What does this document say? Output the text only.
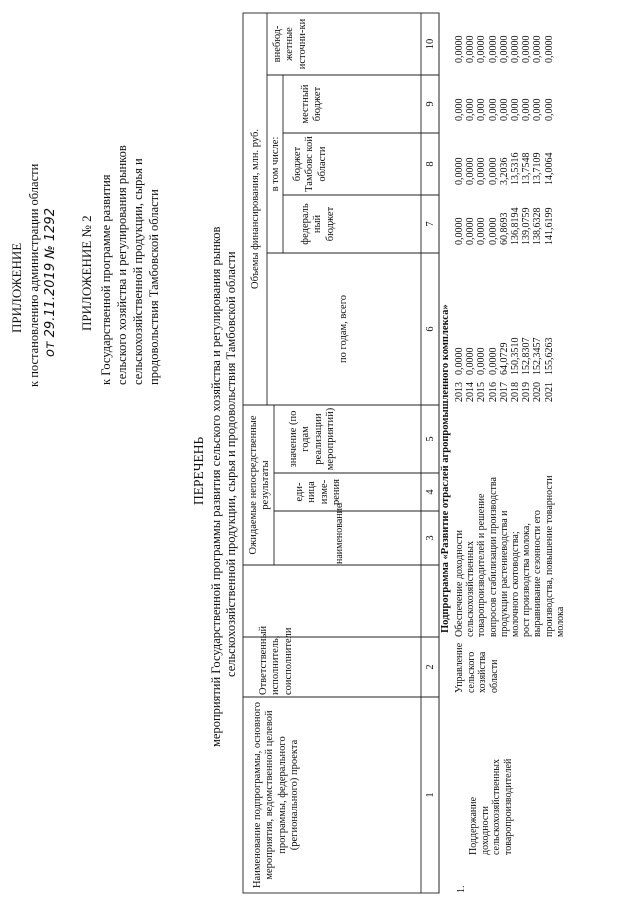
ПРИЛОЖЕНИЕ к постановлению администрации области от 29.11.2019 № 1292 ПРИЛОЖЕНИЕ № 2 к Государственной программе развития сельского хозяйства и регулирования рынков сельскохозяйственной продукции, сырья и продовольствия Тамбовской области
ПЕРЕЧЕНЬ мероприятий Государственной программы развития сельского хозяйства и регулирования рынков сельскохозяйственной продукции, сырья и продовольствия Тамбовской области
Наименование подпрограммы, основного мероприятия, ведомственной целевой программы, федерального (регионального) проекта
Ответственный исполнитель, соисполнители
Ожидаемые непосредственные результаты
наименование
еди-ница изме-рения
значение (по годам реализации мероприятий)
Объемы финансирования, млн. руб.
по годам, всего
в том числе:
федераль ный бюджет
бюджет Тамбовс кой области
местный бюджет
внебюд-жетные источни-ки
1
2
3
4
5
6
7
8
9
10
Подпрограмма «Развитие отраслей агропромышленного комплекса»
1.
Поддержание доходности сельскохозяйственных товаропроизводителей
Управление сельского хозяйства области
Обеспечение доходности сельскохозяйственных товаропроизводителей и решение вопросов стабилизации производства продукции растениеводства и молочного скотоводства; рост производства молока, выравнивание сезонности его производства, повышение товарности молока
2013 2014 2015 2016 2017 2018 2019 2020 2021
0,0000 0,0000 0,0000 0,0000 64,0729 150,3510 152,8307 152,3457 155,6263
0,0000 0,0000 0,0000 0,0000 60,8693 136,8194 139,0759 138,6328 141,6199
0,0000 0,0000 0,0000 0,0000 3,2036 13,5316 13,7548 13,7109 14,0064
0,000 0,000 0,000 0,000 0,000 0,000 0,000 0,000 0,000
0,0000 0,0000 0,0000 0,0000 0,0000 0,0000 0,0000 0,0000 0,0000
